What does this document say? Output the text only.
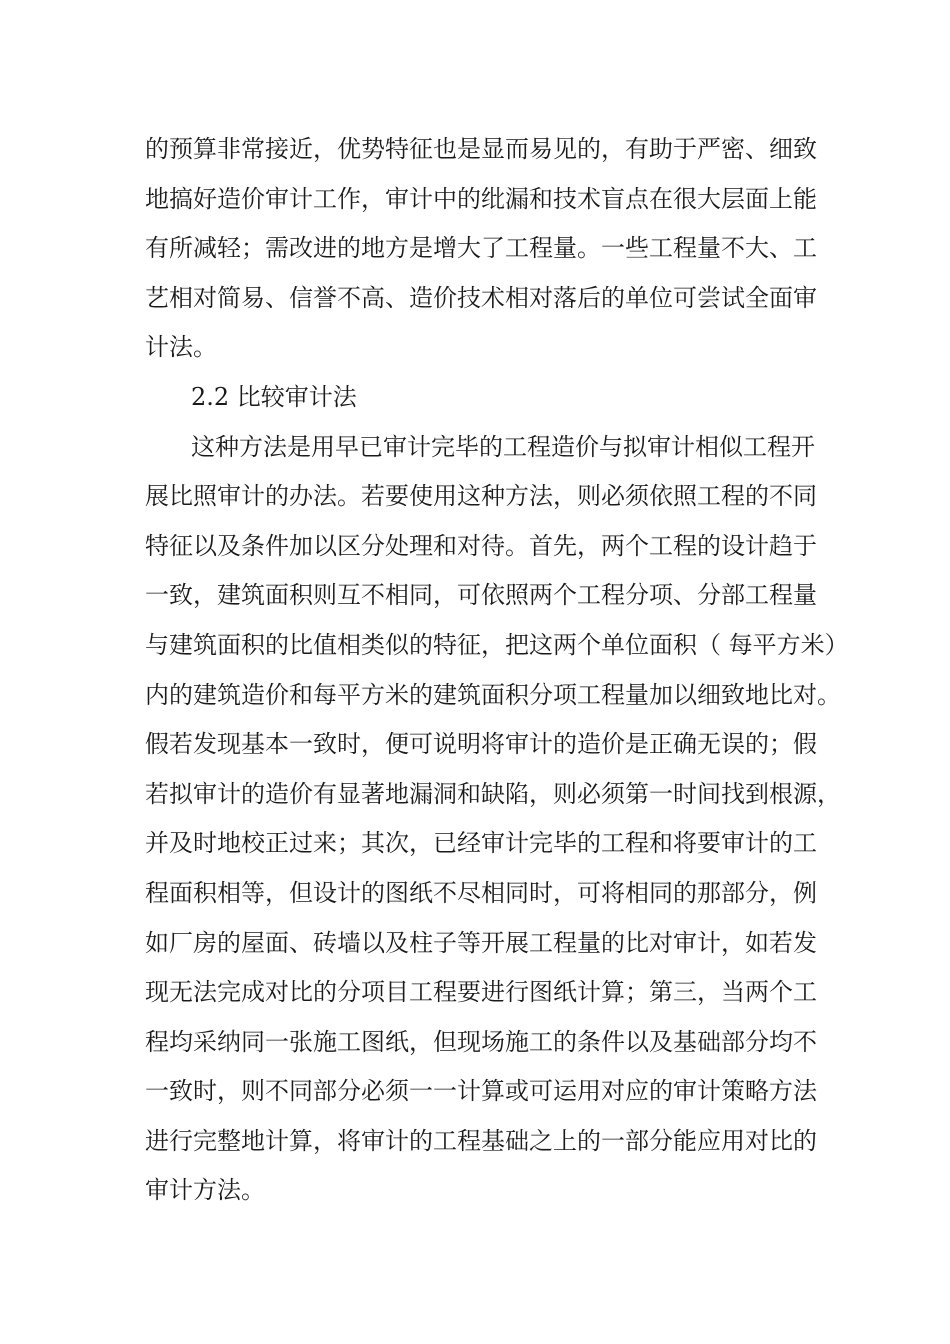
的预算非常接近，优势特征也是显而易见的，有助于严密、细致
地搞好造价审计工作，审计中的纰漏和技术盲点在很大层面上能
有所减轻；需改进的地方是增大了工程量。一些工程量不大、工
艺相对简易、信誉不高、造价技术相对落后的单位可尝试全面审
计法。
2.2 比较审计法
这种方法是用早已审计完毕的工程造价与拟审计相似工程开
展比照审计的办法。若要使用这种方法，则必须依照工程的不同
特征以及条件加以区分处理和对待。首先，两个工程的设计趋于
一致，建筑面积则互不相同，可依照两个工程分项、分部工程量
与建筑面积的比值相类似的特征，把这两个单位面积（ 每平方米）
内的建筑造价和每平方米的建筑面积分项工程量加以细致地比对。
假若发现基本一致时，便可说明将审计的造价是正确无误的；假
若拟审计的造价有显著地漏洞和缺陷，则必须第一时间找到根源，
并及时地校正过来；其次，已经审计完毕的工程和将要审计的工
程面积相等，但设计的图纸不尽相同时，可将相同的那部分，例
如厂房的屋面、砖墙以及柱子等开展工程量的比对审计，如若发
现无法完成对比的分项目工程要进行图纸计算；第三，当两个工
程均采纳同一张施工图纸，但现场施工的条件以及基础部分均不
一致时，则不同部分必须一一计算或可运用对应的审计策略方法
进行完整地计算，将审计的工程基础之上的一部分能应用对比的
审计方法。
